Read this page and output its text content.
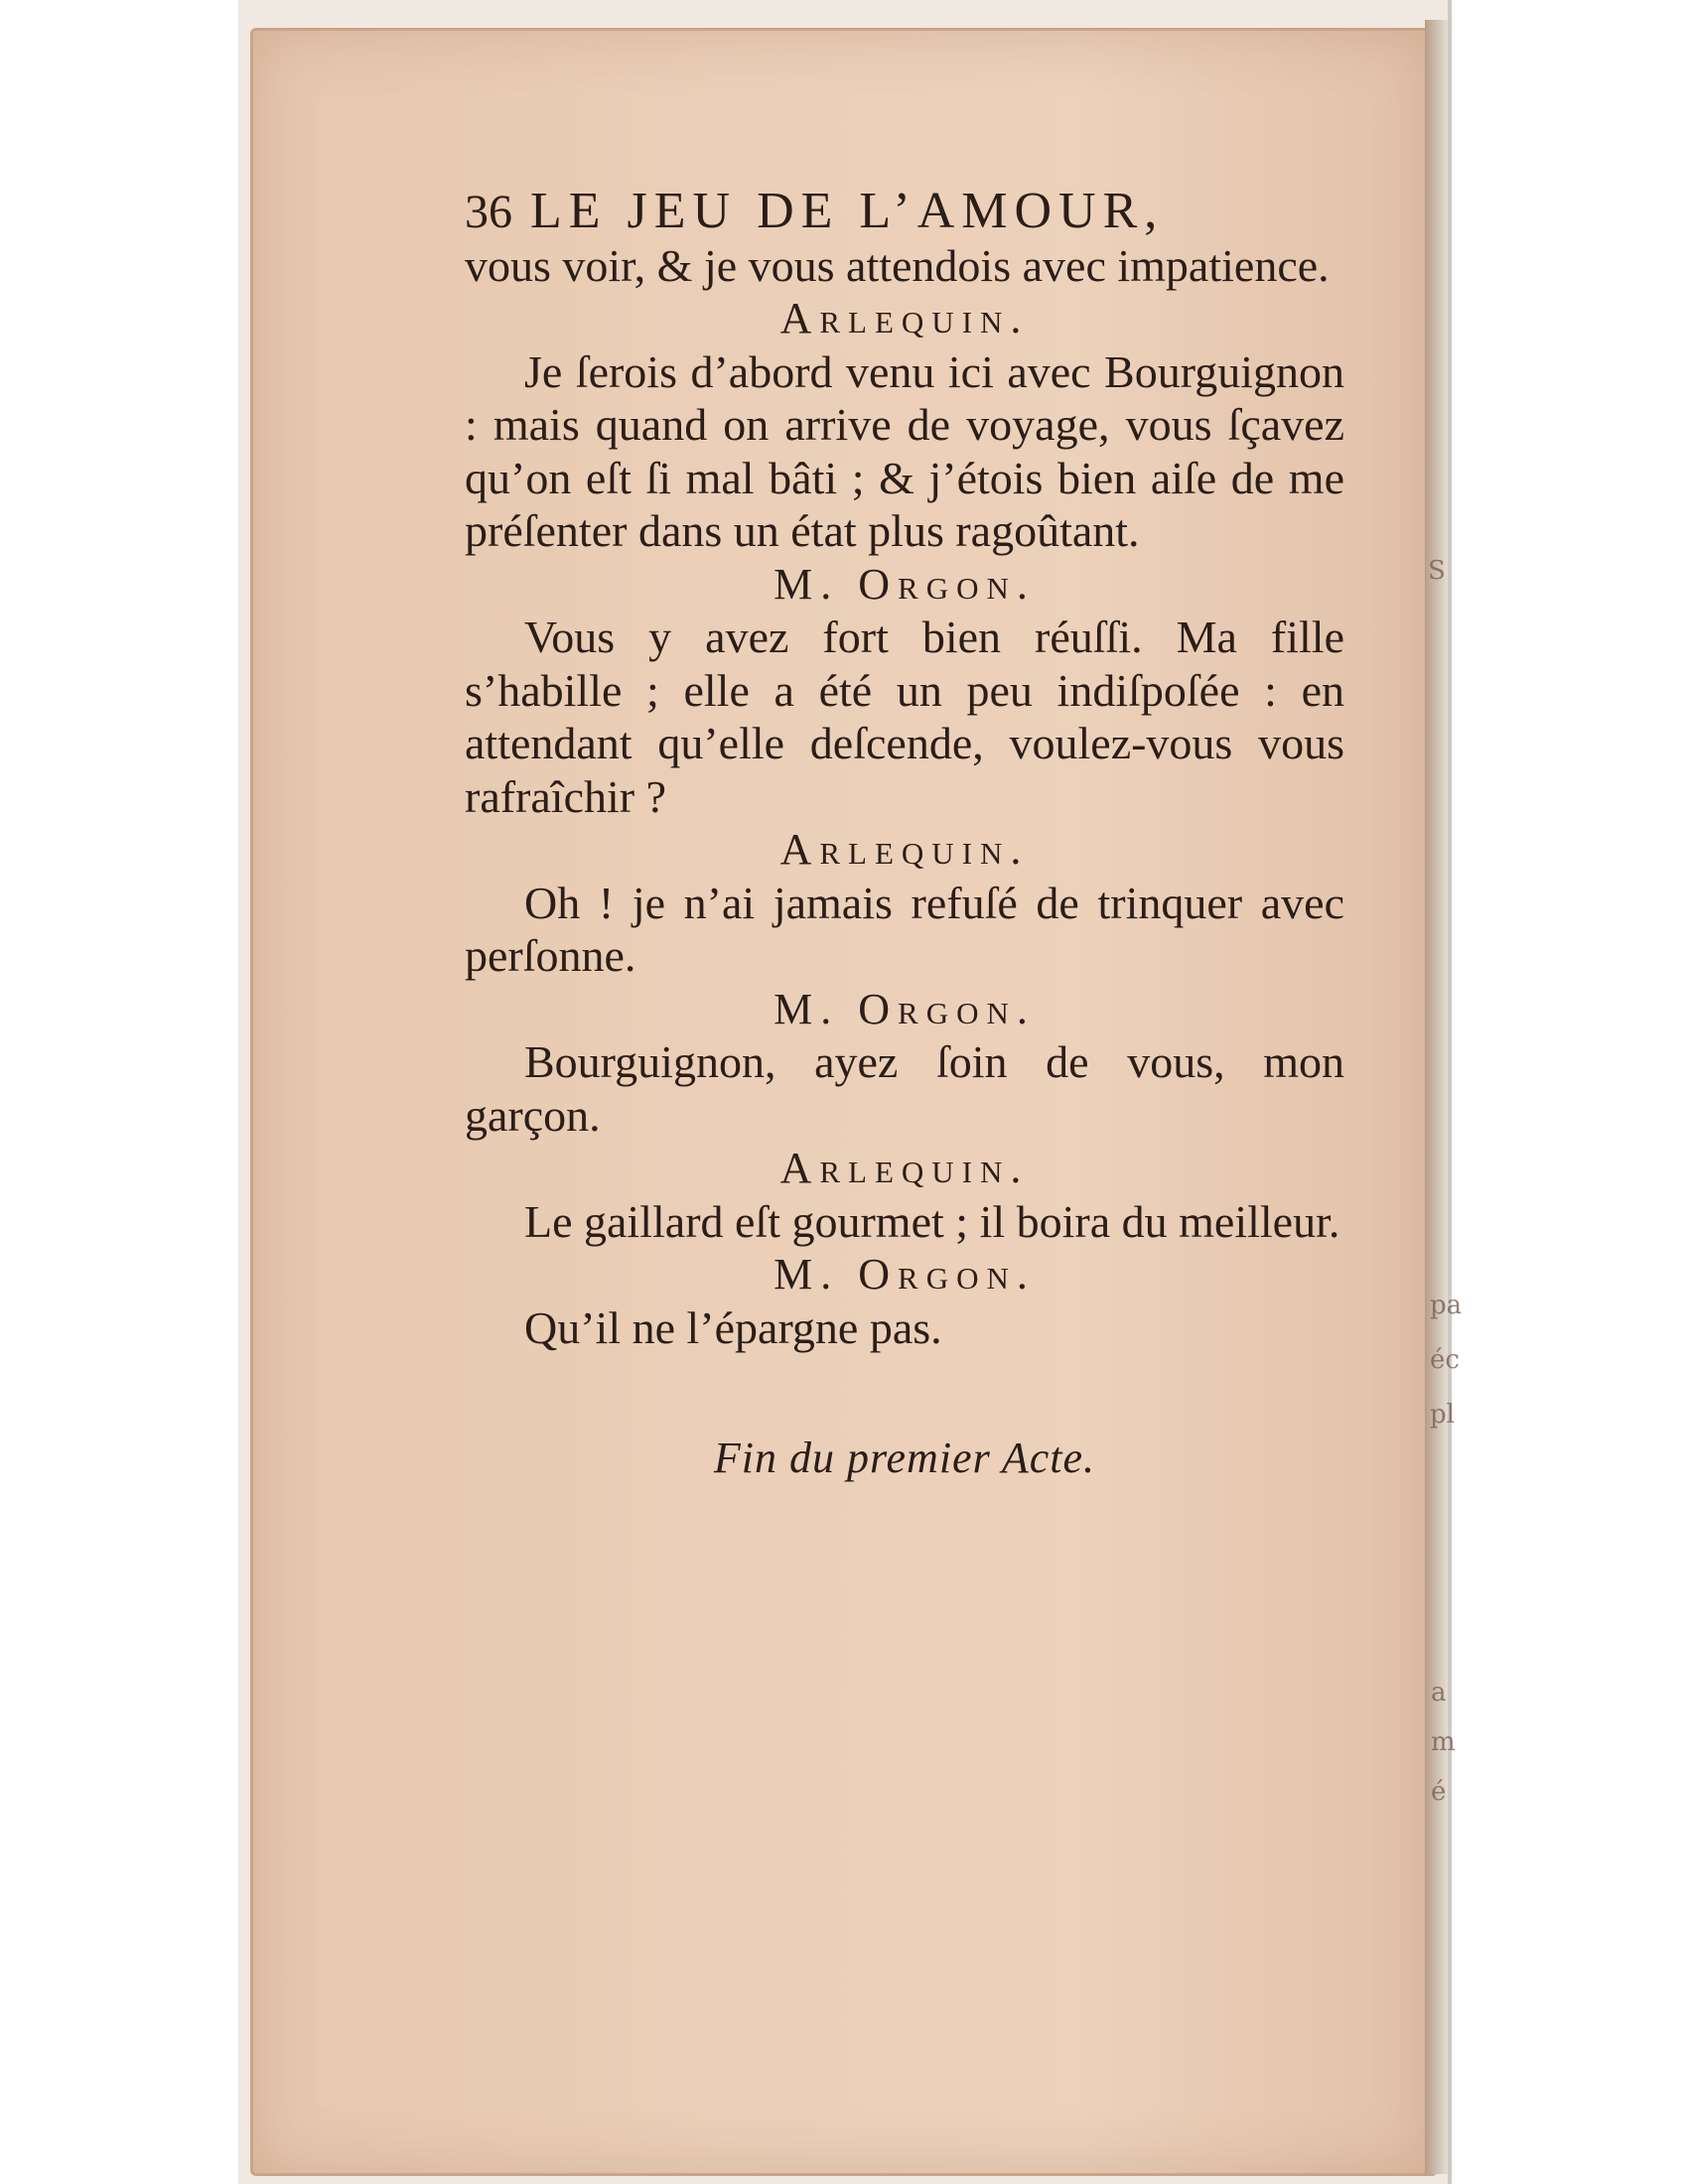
S
pa
éc
pl
a
m
é
36 LE JEU DE L’AMOUR,

vous voir, & je vous attendois avec impatience.

Arlequin.

Je ſerois d’abord venu ici avec Bourguignon : mais quand on arrive de voyage, vous ſçavez qu’on eſt ſi mal bâti ; & j’étois bien aiſe de me préſenter dans un état plus ragoûtant.

M. Orgon.

Vous y avez fort bien réuſſi. Ma fille s’habille ; elle a été un peu indiſpoſée : en attendant qu’elle deſcende, voulez-vous vous rafraîchir ?

Arlequin.

Oh ! je n’ai jamais refuſé de trinquer avec perſonne.

M. Orgon.

Bourguignon, ayez ſoin de vous, mon garçon.

Arlequin.

Le gaillard eſt gourmet ; il boira du meilleur.

M. Orgon.

Qu’il ne l’épargne pas.

Fin du premier Acte.
